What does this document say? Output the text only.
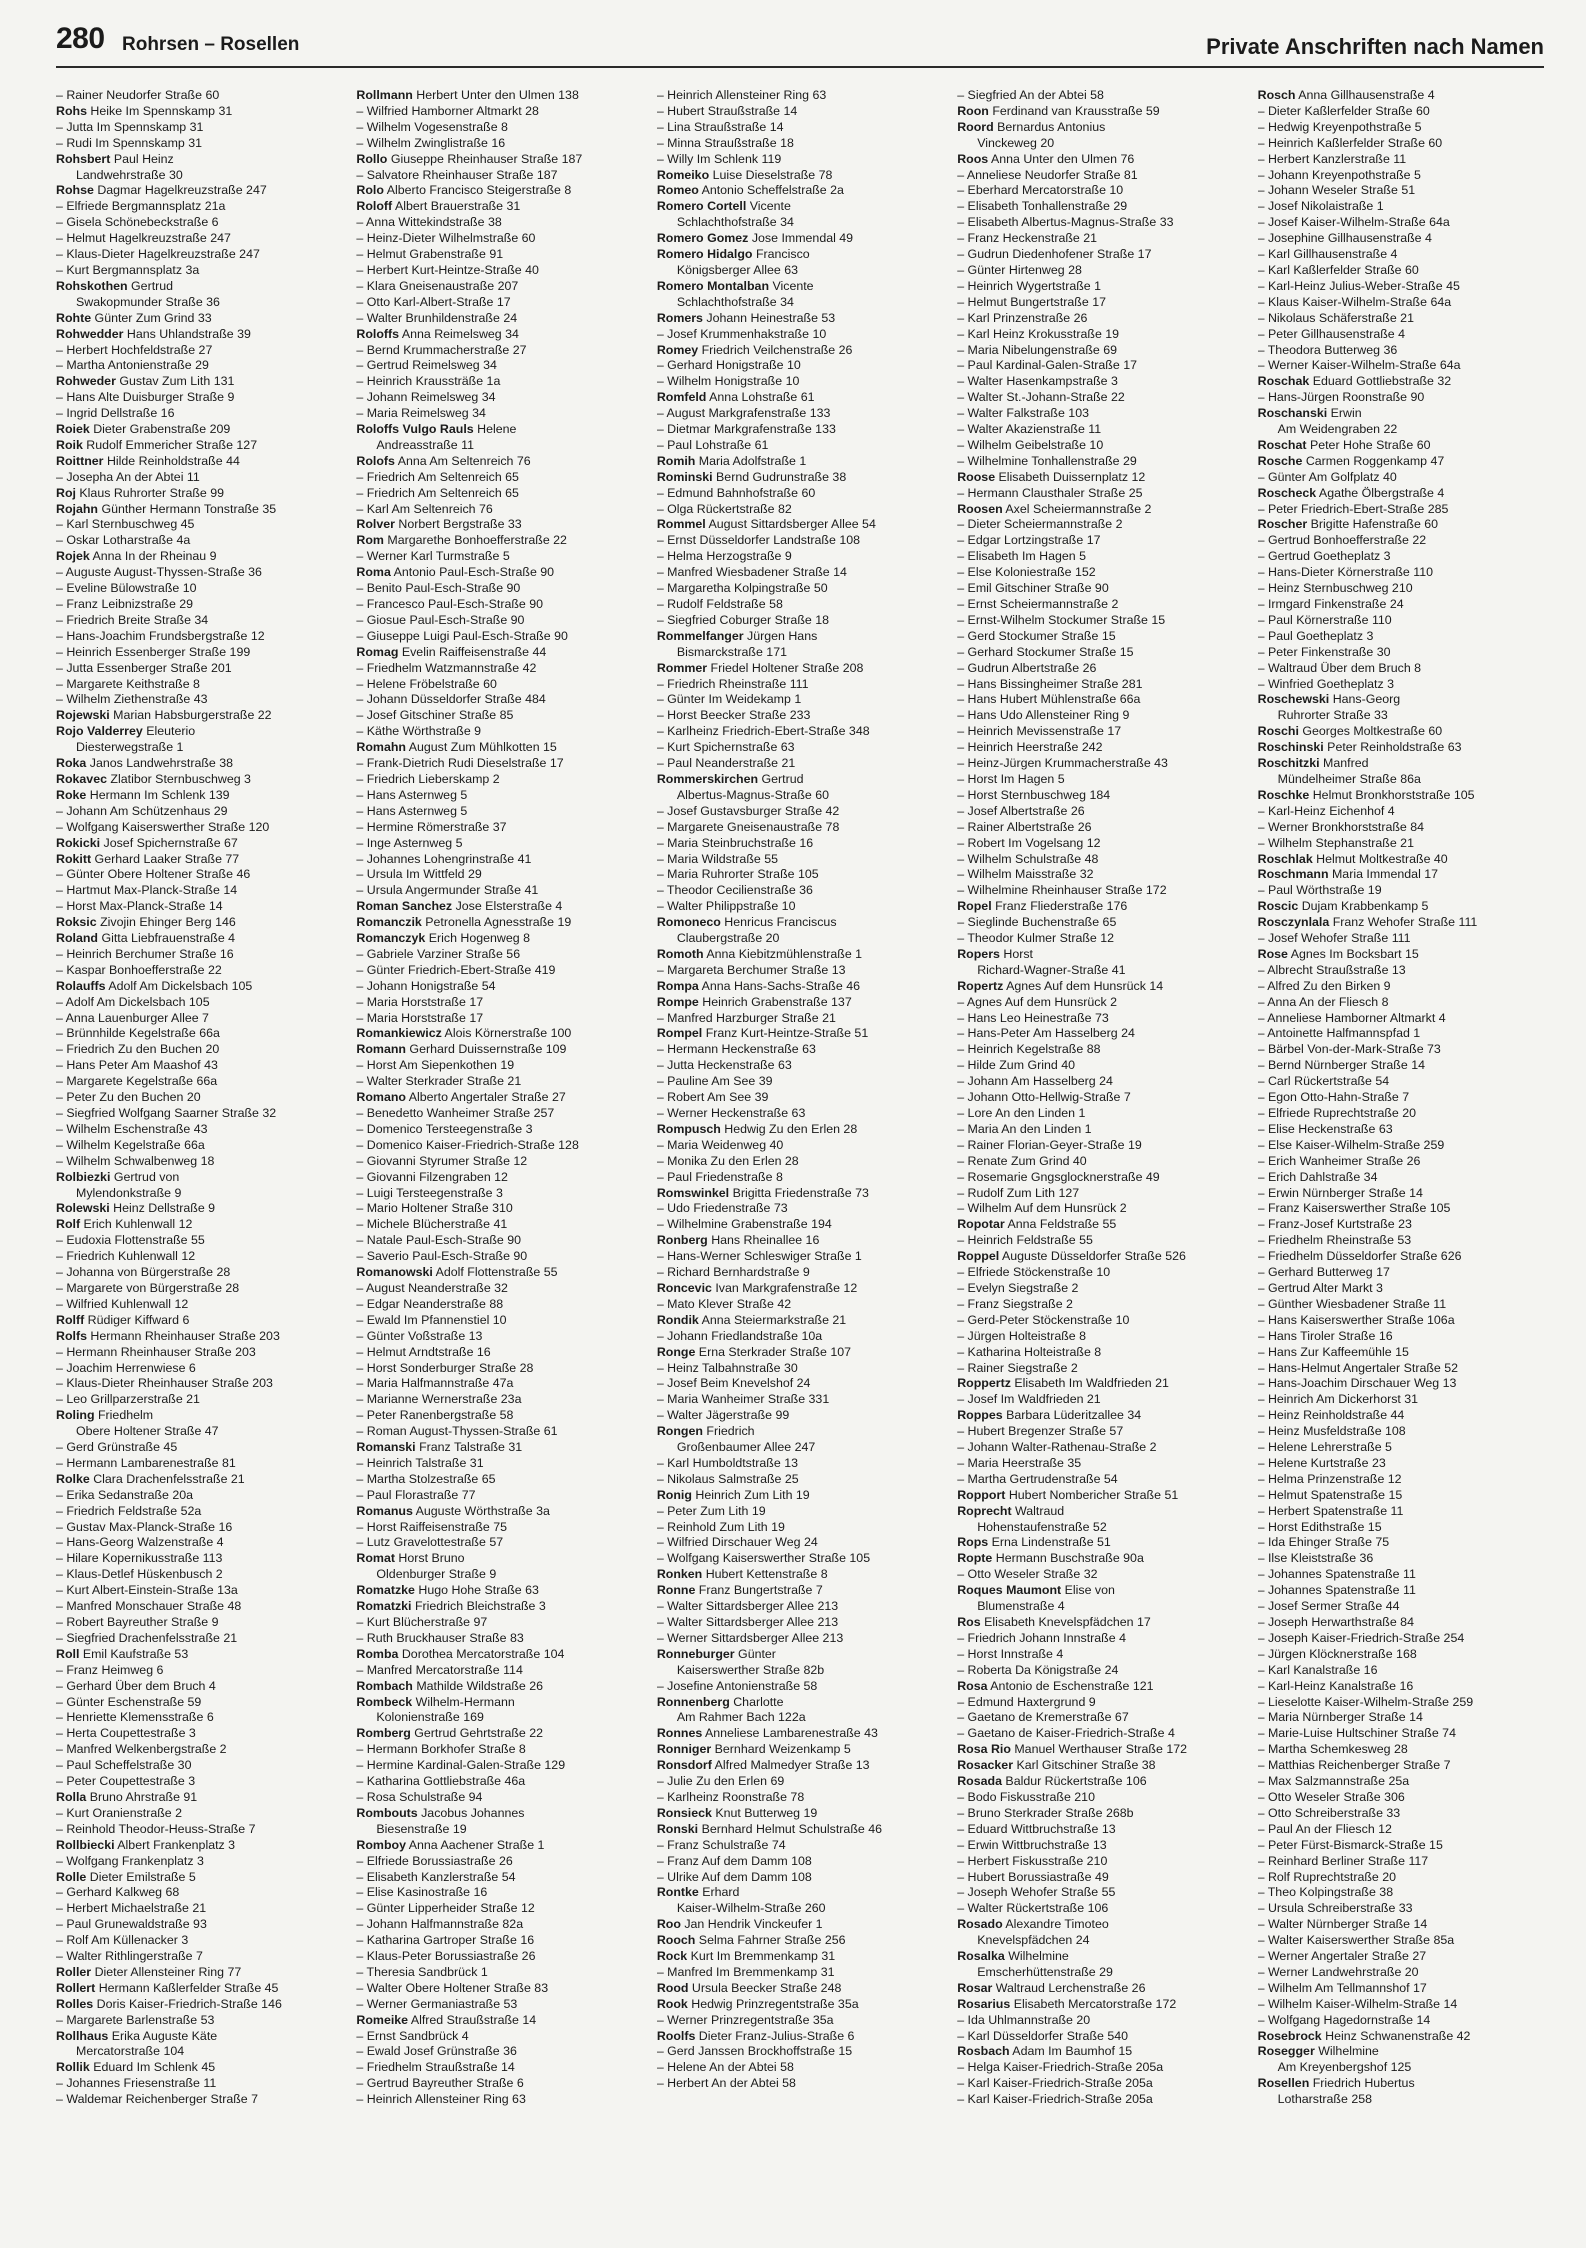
280 Rohrsen – Rosellen	Private Anschriften nach Namen
– Rainer Neudorfer Straße 60
Rohs Heike Im Spennskamp 31
– Jutta Im Spennskamp 31
– Rudi Im Spennskamp 31
Rohsbert Paul Heinz
Landwehrstraße 30
Rohse Dagmar Hagelkreuzstraße 247
– Elfriede Bergmannsplatz 21a
– Gisela Schönebeckstraße 6
– Helmut Hagelkreuzstraße 247
– Klaus-Dieter Hagelkreuzstraße 247
– Kurt Bergmannsplatz 3a
Rohskothen Gertrud
Swakopmunder Straße 36
Rohte Günter Zum Grind 33
Rohwedder Hans Uhlandstraße 39
– Herbert Hochfeldstraße 27
– Martha Antonienstraße 29
Rohweder Gustav Zum Lith 131
– Hans Alte Duisburger Straße 9
– Ingrid Dellstraße 16
Roiek Dieter Grabenstraße 209
Roik Rudolf Emmericher Straße 127
Roittner Hilde Reinholdstraße 44
– Josepha An der Abtei 11
Roj Klaus Ruhrorter Straße 99
Rojahn Günther Hermann Tonstraße 35
– Karl Sternbuschweg 45
– Oskar Lotharstraße 4a
Rojek Anna In der Rheinau 9
– Auguste August-Thyssen-Straße 36
– Eveline Bülowstraße 10
– Franz Leibnizstraße 29
– Friedrich Breite Straße 34
– Hans-Joachim Frundsbergstraße 12
– Heinrich Essenberger Straße 199
– Jutta Essenberger Straße 201
– Margarete Keithstraße 8
– Wilhelm Ziethenstraße 43
Rojewski Marian Habsburgerstraße 22
Rojo Valderrey Eleuterio
Diesterwegstraße 1
Roka Janos Landwehrstraße 38
Rokavec Zlatibor Sternbuschweg 3
Roke Hermann Im Schlenk 139
– Johann Am Schützenhaus 29
– Wolfgang Kaiserswerther Straße 120
Rokicki Josef Spichernstraße 67
Rokitt Gerhard Laaker Straße 77
– Günter Obere Holtener Straße 46
– Hartmut Max-Planck-Straße 14
– Horst Max-Planck-Straße 14
Roksic Zivojin Ehinger Berg 146
Roland Gitta Liebfrauenstraße 4
– Heinrich Berchumer Straße 16
– Kaspar Bonhoefferstraße 22
Rolauffs Adolf Am Dickelsbach 105
– Adolf Am Dickelsbach 105
– Anna Lauenburger Allee 7
– Brünnhilde Kegelstraße 66a
– Friedrich Zu den Buchen 20
– Hans Peter Am Maashof 43
– Margarete Kegelstraße 66a
– Peter Zu den Buchen 20
– Siegfried Wolfgang Saarner Straße 32
– Wilhelm Eschenstraße 43
– Wilhelm Kegelstraße 66a
– Wilhelm Schwalbenweg 18
Rolbiezki Gertrud von
Mylendonkstraße 9
Rolewski Heinz Dellstraße 9
Rolf Erich Kuhlenwall 12
– Eudoxia Flottenstraße 55
– Friedrich Kuhlenwall 12
– Johanna von Bürgerstraße 28
– Margarete von Bürgerstraße 28
– Wilfried Kuhlenwall 12
Rolff Rüdiger Kiffward 6
Rolfs Hermann Rheinhauser Straße 203
– Hermann Rheinhauser Straße 203
– Joachim Herrenwiese 6
– Klaus-Dieter Rheinhauser Straße 203
– Leo Grillparzerstraße 21
Roling Friedhelm
Obere Holtener Straße 47
– Gerd Grünstraße 45
– Hermann Lambarenestraße 81
Rolke Clara Drachenfelsstraße 21
– Erika Sedanstraße 20a
– Friedrich Feldstraße 52a
– Gustav Max-Planck-Straße 16
– Hans-Georg Walzenstraße 4
– Hilare Kopernikusstraße 113
– Klaus-Detlef Hüskenbusch 2
– Kurt Albert-Einstein-Straße 13a
– Manfred Monschauer Straße 48
– Robert Bayreuther Straße 9
– Siegfried Drachenfelsstraße 21
Roll Emil Kaufstraße 53
– Franz Heimweg 6
– Gerhard Über dem Bruch 4
– Günter Eschenstraße 59
– Henriette Klemensstraße 6
– Herta Coupettestraße 3
– Manfred Welkenbergstraße 2
– Paul Scheffelstraße 30
– Peter Coupettestraße 3
Rolla Bruno Ahrstraße 91
– Kurt Oranienstraße 2
– Reinhold Theodor-Heuss-Straße 7
Rollbiecki Albert Frankenplatz 3
– Wolfgang Frankenplatz 3
Rolle Dieter Emilstraße 5
– Gerhard Kalkweg 68
– Herbert Michaelstraße 21
– Paul Grunewaldstraße 93
– Rolf Am Küllenacker 3
– Walter Rithlingerstraße 7
Roller Dieter Allensteiner Ring 77
Rollert Hermann Kaßlerfelder Straße 45
Rolles Doris Kaiser-Friedrich-Straße 146
– Margarete Barlenstraße 53
Rollhaus Erika Auguste Käte
Mercatorstraße 104
Rollik Eduard Im Schlenk 45
– Johannes Friesenstraße 11
– Waldemar Reichenberger Straße 7
Rollmann Herbert Unter den Ulmen 138
– Wilfried Hamborner Altmarkt 28
– Wilhelm Vogesenstraße 8
– Wilhelm Zwinglistraße 16
Rollo Giuseppe Rheinhauser Straße 187
– Salvatore Rheinhauser Straße 187
Rolo Alberto Francisco Steigerstraße 8
Roloff Albert Brauerstraße 31
– Anna Wittekindstraße 38
– Heinz-Dieter Wilhelmstraße 60
– Helmut Grabenstraße 91
– Herbert Kurt-Heintze-Straße 40
– Klara Gneisenaustraße 207
– Otto Karl-Albert-Straße 17
– Walter Brunhildenstraße 24
Roloffs Anna Reimelsweg 34
– Bernd Krummacherstraße 27
– Gertrud Reimelsweg 34
– Heinrich Kraussträße 1a
– Johann Reimelsweg 34
– Maria Reimelsweg 34
Roloffs Vulgo Rauls Helene
Andreasstraße 11
Rolofs Anna Am Seltenreich 76
– Friedrich Am Seltenreich 65
– Friedrich Am Seltenreich 65
– Karl Am Seltenreich 76
Rolver Norbert Bergstraße 33
Rom Margarethe Bonhoefferstraße 22
– Werner Karl Turmstraße 5
Roma Antonio Paul-Esch-Straße 90
– Benito Paul-Esch-Straße 90
– Francesco Paul-Esch-Straße 90
– Giosue Paul-Esch-Straße 90
– Giuseppe Luigi Paul-Esch-Straße 90
Romag Evelin Raiffeisenstraße 44
– Friedhelm Watzmannstraße 42
– Helene Fröbelstraße 60
– Johann Düsseldorfer Straße 484
– Josef Gitschiner Straße 85
– Käthe Wörthstraße 9
Romahn August Zum Mühlkotten 15
– Frank-Dietrich Rudi Dieselstraße 17
– Friedrich Lieberskamp 2
– Hans Asternweg 5
– Hans Asternweg 5
– Hermine Römerstraße 37
– Inge Asternweg 5
– Johannes Lohengrinstraße 41
– Ursula Im Wittfeld 29
– Ursula Angermunder Straße 41
Roman Sanchez Jose Elsterstraße 4
Romanczik Petronella Agnesstraße 19
Romanczyk Erich Hogenweg 8
– Gabriele Varziner Straße 56
– Günter Friedrich-Ebert-Straße 419
– Johann Honigstraße 54
– Maria Horststraße 17
– Maria Horststraße 17
Romankiewicz Alois Körnerstraße 100
Romann Gerhard Duissernstraße 109
– Horst Am Siepenkothen 19
– Walter Sterkrader Straße 21
Romano Alberto Angertaler Straße 27
– Benedetto Wanheimer Straße 257
– Domenico Tersteegenstraße 3
– Domenico Kaiser-Friedrich-Straße 128
– Giovanni Styrumer Straße 12
– Giovanni Filzengraben 12
– Luigi Tersteegenstraße 3
– Mario Holtener Straße 310
– Michele Blücherstraße 41
– Natale Paul-Esch-Straße 90
– Saverio Paul-Esch-Straße 90
Romanowski Adolf Flottenstraße 55
– August Neanderstraße 32
– Edgar Neanderstraße 88
– Ewald Im Pfannenstiel 10
– Günter Voßstraße 13
– Helmut Arndtstraße 16
– Horst Sonderburger Straße 28
– Maria Halfmannstraße 47a
– Marianne Wernerstraße 23a
– Peter Ranenbergstraße 58
– Roman August-Thyssen-Straße 61
Romanski Franz Talstraße 31
– Heinrich Talstraße 31
– Martha Stolzestraße 65
– Paul Florastraße 77
Romanus Auguste Wörthstraße 3a
– Horst Raiffeisenstraße 75
– Lutz Gravelottestraße 57
Romat Horst Bruno
Oldenburger Straße 9
Romatzke Hugo Hohe Straße 63
Romatzki Friedrich Bleichstraße 3
– Kurt Blücherstraße 97
– Ruth Bruckhauser Straße 83
Romba Dorothea Mercatorstraße 104
– Manfred Mercatorstraße 114
Rombach Mathilde Wildstraße 26
Rombeck Wilhelm-Hermann
Kolonienstraße 169
Romberg Gertrud Gehrtstraße 22
– Hermann Borkhofer Straße 8
– Hermine Kardinal-Galen-Straße 129
– Katharina Gottliebstraße 46a
– Rosa Schulstraße 94
Rombouts Jacobus Johannes
Biesenstraße 19
Romboy Anna Aachener Straße 1
– Elfriede Borussiastraße 26
– Elisabeth Kanzlerstraße 54
– Elise Kasinostraße 16
– Günter Lipperheider Straße 12
– Johann Halfmannstraße 82a
– Katharina Gartroper Straße 16
– Klaus-Peter Borussiastraße 26
– Theresia Sandbrück 1
– Walter Obere Holtener Straße 83
– Werner Germaniastraße 53
Romeike Alfred Straußstraße 14
– Ernst Sandbrück 4
– Ewald Josef Grünstraße 36
– Friedhelm Straußstraße 14
– Gertrud Bayreuther Straße 6
– Heinrich Allensteiner Ring 63
– Heinrich Allensteiner Ring 63
– Hubert Straußstraße 14
– Lina Straußstraße 14
– Minna Straußstraße 18
– Willy Im Schlenk 119
Romeiko Luise Dieselstraße 78
Romeo Antonio Scheffelstraße 2a
Romero Cortell Vicente
Schlachthofstraße 34
Romero Gomez Jose Immendal 49
Romero Hidalgo Francisco
Königsberger Allee 63
Romero Montalban Vicente
Schlachthofstraße 34
Romers Johann Heinestraße 53
– Josef Krummenhakstraße 10
Romey Friedrich Veilchenstraße 26
– Gerhard Honigstraße 10
– Wilhelm Honigstraße 10
Romfeld Anna Lohstraße 61
– August Markgrafenstraße 133
– Dietmar Markgrafenstraße 133
– Paul Lohstraße 61
Romih Maria Adolfstraße 1
Rominski Bernd Gudrunstraße 38
– Edmund Bahnhofstraße 60
– Olga Rückertstraße 82
Rommel August Sittardsberger Allee 54
– Ernst Düsseldorfer Landstraße 108
– Helma Herzogstraße 9
– Manfred Wiesbadener Straße 14
– Margaretha Kolpingstraße 50
– Rudolf Feldstraße 58
– Siegfried Coburger Straße 18
Rommelfanger Jürgen Hans
Bismarckstraße 171
Rommer Friedel Holtener Straße 208
– Friedrich Rheinstraße 111
– Günter Im Weidekamp 1
– Horst Beecker Straße 233
– Karlheinz Friedrich-Ebert-Straße 348
– Kurt Spichernstraße 63
– Paul Neanderstraße 21
Rommerskirchen Gertrud
Albertus-Magnus-Straße 60
– Josef Gustavsburger Straße 42
– Margarete Gneisenaustraße 78
– Maria Steinbruchstraße 16
– Maria Wildstraße 55
– Maria Ruhrorter Straße 105
– Theodor Cecilienstraße 36
– Walter Philippstraße 10
Romoneco Henricus Franciscus
Claubergstraße 20
Romoth Anna Kiebitzmühlenstraße 1
– Margareta Berchumer Straße 13
Rompa Anna Hans-Sachs-Straße 46
Rompe Heinrich Grabenstraße 137
– Manfred Harzburger Straße 21
Rompel Franz Kurt-Heintze-Straße 51
– Hermann Heckenstraße 63
– Jutta Heckenstraße 63
– Pauline Am See 39
– Robert Am See 39
– Werner Heckenstraße 63
Rompusch Hedwig Zu den Erlen 28
– Maria Weidenweg 40
– Monika Zu den Erlen 28
– Paul Friedenstraße 8
Romswinkel Brigitta Friedenstraße 73
– Udo Friedenstraße 73
– Wilhelmine Grabenstraße 194
Ronberg Hans Rheinallee 16
– Hans-Werner Schleswiger Straße 1
– Richard Bernhardstraße 9
Roncevic Ivan Markgrafenstraße 12
– Mato Klever Straße 42
Rondik Anna Steiermarkstraße 21
– Johann Friedlandstraße 10a
Ronge Erna Sterkrader Straße 107
– Heinz Talbahnstraße 30
– Josef Beim Knevelshof 24
– Maria Wanheimer Straße 331
– Walter Jägerstraße 99
Rongen Friedrich
Großenbaumer Allee 247
– Karl Humboldtstraße 13
– Nikolaus Salmstraße 25
Ronig Heinrich Zum Lith 19
– Peter Zum Lith 19
– Reinhold Zum Lith 19
– Wilfried Dirschauer Weg 24
– Wolfgang Kaiserswerther Straße 105
Ronken Hubert Kettenstraße 8
Ronne Franz Bungertstraße 7
– Walter Sittardsberger Allee 213
– Walter Sittardsberger Allee 213
– Werner Sittardsberger Allee 213
Ronneburger Günter
Kaiserswerther Straße 82b
– Josefine Antonienstraße 58
Ronnenberg Charlotte
Am Rahmer Bach 122a
Ronnes Anneliese Lambarenestraße 43
Ronniger Bernhard Weizenkamp 5
Ronsdorf Alfred Malmedyer Straße 13
– Julie Zu den Erlen 69
– Karlheinz Roonstraße 78
Ronsieck Knut Butterweg 19
Ronski Bernhard Helmut Schulstraße 46
– Franz Schulstraße 74
– Franz Auf dem Damm 108
– Ulrike Auf dem Damm 108
Rontke Erhard
Kaiser-Wilhelm-Straße 260
Roo Jan Hendrik Vinckeufer 1
Rooch Selma Fahrner Straße 256
Rock Kurt Im Bremmenkamp 31
– Manfred Im Bremmenkamp 31
Rood Ursula Beecker Straße 248
Rook Hedwig Prinzregentstraße 35a
– Werner Prinzregentstraße 35a
Roolfs Dieter Franz-Julius-Straße 6
– Gerd Janssen Brockhoffstraße 15
– Helene An der Abtei 58
– Herbert An der Abtei 58
– Siegfried An der Abtei 58
Roon Ferdinand van Krausstraße 59
Roord Bernardus Antonius
Vinckeweg 20
Roos Anna Unter den Ulmen 76
– Anneliese Neudorfer Straße 81
– Eberhard Mercatorstraße 10
– Elisabeth Tonhallenstraße 29
– Elisabeth Albertus-Magnus-Straße 33
– Franz Heckenstraße 21
– Gudrun Diedenhofener Straße 17
– Günter Hirtenweg 28
– Heinrich Wygertstraße 1
– Helmut Bungertstraße 17
– Karl Prinzenstraße 26
– Karl Heinz Krokusstraße 19
– Maria Nibelungenstraße 69
– Paul Kardinal-Galen-Straße 17
– Walter Hasenkampstraße 3
– Walter St.-Johann-Straße 22
– Walter Falkstraße 103
– Walter Akazienstraße 11
– Wilhelm Geibelstraße 10
– Wilhelmine Tonhallenstraße 29
Roose Elisabeth Duissernplatz 12
– Hermann Clausthaler Straße 25
Roosen Axel Scheiermannstraße 2
– Dieter Scheiermannstraße 2
– Edgar Lortzingstraße 17
– Elisabeth Im Hagen 5
– Else Koloniestraße 152
– Emil Gitschiner Straße 90
– Ernst Scheiermannstraße 2
– Ernst-Wilhelm Stockumer Straße 15
– Gerd Stockumer Straße 15
– Gerhard Stockumer Straße 15
– Gudrun Albertstraße 26
– Hans Bissingheimer Straße 281
– Hans Hubert Mühlenstraße 66a
– Hans Udo Allensteiner Ring 9
– Heinrich Mevissenstraße 17
– Heinrich Heerstraße 242
– Heinz-Jürgen Krummacherstraße 43
– Horst Im Hagen 5
– Horst Sternbuschweg 184
– Josef Albertstraße 26
– Rainer Albertstraße 26
– Robert Im Vogelsang 12
– Wilhelm Schulstraße 48
– Wilhelm Maisstraße 32
– Wilhelmine Rheinhauser Straße 172
Ropel Franz Fliederstraße 176
– Sieglinde Buchenstraße 65
– Theodor Kulmer Straße 12
Ropers Horst
Richard-Wagner-Straße 41
Ropertz Agnes Auf dem Hunsrück 14
– Agnes Auf dem Hunsrück 2
– Hans Leo Heinestraße 73
– Hans-Peter Am Hasselberg 24
– Heinrich Kegelstraße 88
– Hilde Zum Grind 40
– Johann Am Hasselberg 24
– Johann Otto-Hellwig-Straße 7
– Lore An den Linden 1
– Maria An den Linden 1
– Rainer Florian-Geyer-Straße 19
– Renate Zum Grind 40
– Rosemarie Gngsglocknerstraße 49
– Rudolf Zum Lith 127
– Wilhelm Auf dem Hunsrück 2
Ropotar Anna Feldstraße 55
– Heinrich Feldstraße 55
Roppel Auguste Düsseldorfer Straße 526
– Elfriede Stöckenstraße 10
– Evelyn Siegstraße 2
– Franz Siegstraße 2
– Gerd-Peter Stöckenstraße 10
– Jürgen Holteistraße 8
– Katharina Holteistraße 8
– Rainer Siegstraße 2
Roppertz Elisabeth Im Waldfrieden 21
– Josef Im Waldfrieden 21
Roppes Barbara Lüderitzallee 34
– Hubert Bregenzer Straße 57
– Johann Walter-Rathenau-Straße 2
– Maria Heerstraße 35
– Martha Gertrudenstraße 54
Ropport Hubert Nombericher Straße 51
Roprecht Waltraud
Hohenstaufenstraße 52
Rops Erna Lindenstraße 51
Ropte Hermann Buschstraße 90a
– Otto Weseler Straße 32
Roques Maumont Elise von
Blumenstraße 4
Ros Elisabeth Knevelspfädchen 17
– Friedrich Johann Innstraße 4
– Horst Innstraße 4
– Roberta Da Königstraße 24
Rosa Antonio de Eschenstraße 121
– Edmund Haxtergrund 9
– Gaetano de Kremerstraße 67
– Gaetano de Kaiser-Friedrich-Straße 4
Rosa Rio Manuel Werthauser Straße 172
Rosacker Karl Gitschiner Straße 38
Rosada Baldur Rückertstraße 106
– Bodo Fiskusstraße 210
– Bruno Sterkrader Straße 268b
– Eduard Wittbruchstraße 13
– Erwin Wittbruchstraße 13
– Herbert Fiskusstraße 210
– Hubert Borussiastraße 49
– Joseph Wehofer Straße 55
– Walter Rückertstraße 106
Rosado Alexandre Timoteo
Knevelspfädchen 24
Rosalka Wilhelmine
Emscherhüttenstraße 29
Rosar Waltraud Lerchenstraße 26
Rosarius Elisabeth Mercatorstraße 172
– Ida Uhlmannstraße 20
– Karl Düsseldorfer Straße 540
Rosbach Adam Im Baumhof 15
– Helga Kaiser-Friedrich-Straße 205a
– Karl Kaiser-Friedrich-Straße 205a
– Karl Kaiser-Friedrich-Straße 205a
Rosch Anna Gillhausenstraße 4
– Dieter Kaßlerfelder Straße 60
– Hedwig Kreyenpothstraße 5
– Heinrich Kaßlerfelder Straße 60
– Herbert Kanzlerstraße 11
– Johann Kreyenpothstraße 5
– Johann Weseler Straße 51
– Josef Nikolaistraße 1
– Josef Kaiser-Wilhelm-Straße 64a
– Josephine Gillhausenstraße 4
– Karl Gillhausenstraße 4
– Karl Kaßlerfelder Straße 60
– Karl-Heinz Julius-Weber-Straße 45
– Klaus Kaiser-Wilhelm-Straße 64a
– Nikolaus Schäferstraße 21
– Peter Gillhausenstraße 4
– Theodora Butterweg 36
– Werner Kaiser-Wilhelm-Straße 64a
Roschak Eduard Gottliebstraße 32
– Hans-Jürgen Roonstraße 90
Roschanski Erwin
Am Weidengraben 22
Roschat Peter Hohe Straße 60
Rosche Carmen Roggenkamp 47
– Günter Am Golfplatz 40
Roscheck Agathe Ölbergstraße 4
– Peter Friedrich-Ebert-Straße 285
Roscher Brigitte Hafenstraße 60
– Gertrud Bonhoefferstraße 22
– Gertrud Goetheplatz 3
– Hans-Dieter Körnerstraße 110
– Heinz Sternbuschweg 210
– Irmgard Finkenstraße 24
– Paul Körnerstraße 110
– Paul Goetheplatz 3
– Peter Finkenstraße 30
– Waltraud Über dem Bruch 8
– Winfried Goetheplatz 3
Roschewski Hans-Georg
Ruhrorter Straße 33
Roschi Georges Moltkestraße 60
Roschinski Peter Reinholdstraße 63
Roschitzki Manfred
Mündelheimer Straße 86a
Roschke Helmut Bronkhorststraße 105
– Karl-Heinz Eichenhof 4
– Werner Bronkhorststraße 84
– Wilhelm Stephanstraße 21
Roschlak Helmut Moltkestraße 40
Roschmann Maria Immendal 17
– Paul Wörthstraße 19
Roscic Dujam Krabbenkamp 5
Rosczynlala Franz Wehofer Straße 111
– Josef Wehofer Straße 111
Rose Agnes Im Bocksbart 15
– Albrecht Straußstraße 13
– Alfred Zu den Birken 9
– Anna An der Fliesch 8
– Anneliese Hamborner Altmarkt 4
– Antoinette Halfmannspfad 1
– Bärbel Von-der-Mark-Straße 73
– Bernd Nürnberger Straße 14
– Carl Rückertstraße 54
– Egon Otto-Hahn-Straße 7
– Elfriede Ruprechtstraße 20
– Elise Heckenstraße 63
– Else Kaiser-Wilhelm-Straße 259
– Erich Wanheimer Straße 26
– Erich Dahlstraße 34
– Erwin Nürnberger Straße 14
– Franz Kaiserswerther Straße 105
– Franz-Josef Kurtstraße 23
– Friedhelm Rheinstraße 53
– Friedhelm Düsseldorfer Straße 626
– Gerhard Butterweg 17
– Gertrud Alter Markt 3
– Günther Wiesbadener Straße 11
– Hans Kaiserswerther Straße 106a
– Hans Tiroler Straße 16
– Hans Zur Kaffeemühle 15
– Hans-Helmut Angertaler Straße 52
– Hans-Joachim Dirschauer Weg 13
– Heinrich Am Dickerhorst 31
– Heinz Reinholdstraße 44
– Heinz Musfeldstraße 108
– Helene Lehrerstraße 5
– Helene Kurtstraße 23
– Helma Prinzenstraße 12
– Helmut Spatenstraße 15
– Herbert Spatenstraße 11
– Horst Edithstraße 15
– Ida Ehinger Straße 75
– Ilse Kleiststraße 36
– Johannes Spatenstraße 11
– Johannes Spatenstraße 11
– Josef Sermer Straße 44
– Joseph Herwarthstraße 84
– Joseph Kaiser-Friedrich-Straße 254
– Jürgen Klöcknerstraße 168
– Karl Kanalstraße 16
– Karl-Heinz Kanalstraße 16
– Lieselotte Kaiser-Wilhelm-Straße 259
– Maria Nürnberger Straße 14
– Marie-Luise Hultschiner Straße 74
– Martha Schemkesweg 28
– Matthias Reichenberger Straße 7
– Max Salzmannstraße 25a
– Otto Weseler Straße 306
– Otto Schreiberstraße 33
– Paul An der Fliesch 12
– Peter Fürst-Bismarck-Straße 15
– Reinhard Berliner Straße 117
– Rolf Ruprechtstraße 20
– Theo Kolpingstraße 38
– Ursula Schreiberstraße 33
– Walter Nürnberger Straße 14
– Walter Kaiserswerther Straße 85a
– Werner Angertaler Straße 27
– Werner Landwehrstraße 20
– Wilhelm Am Tellmannshof 17
– Wilhelm Kaiser-Wilhelm-Straße 14
– Wolfgang Hagedornstraße 14
Rosebrock Heinz Schwanenstraße 42
Rosegger Wilhelmine
Am Kreyenbergshof 125
Rosellen Friedrich Hubertus
Lotharstraße 258
